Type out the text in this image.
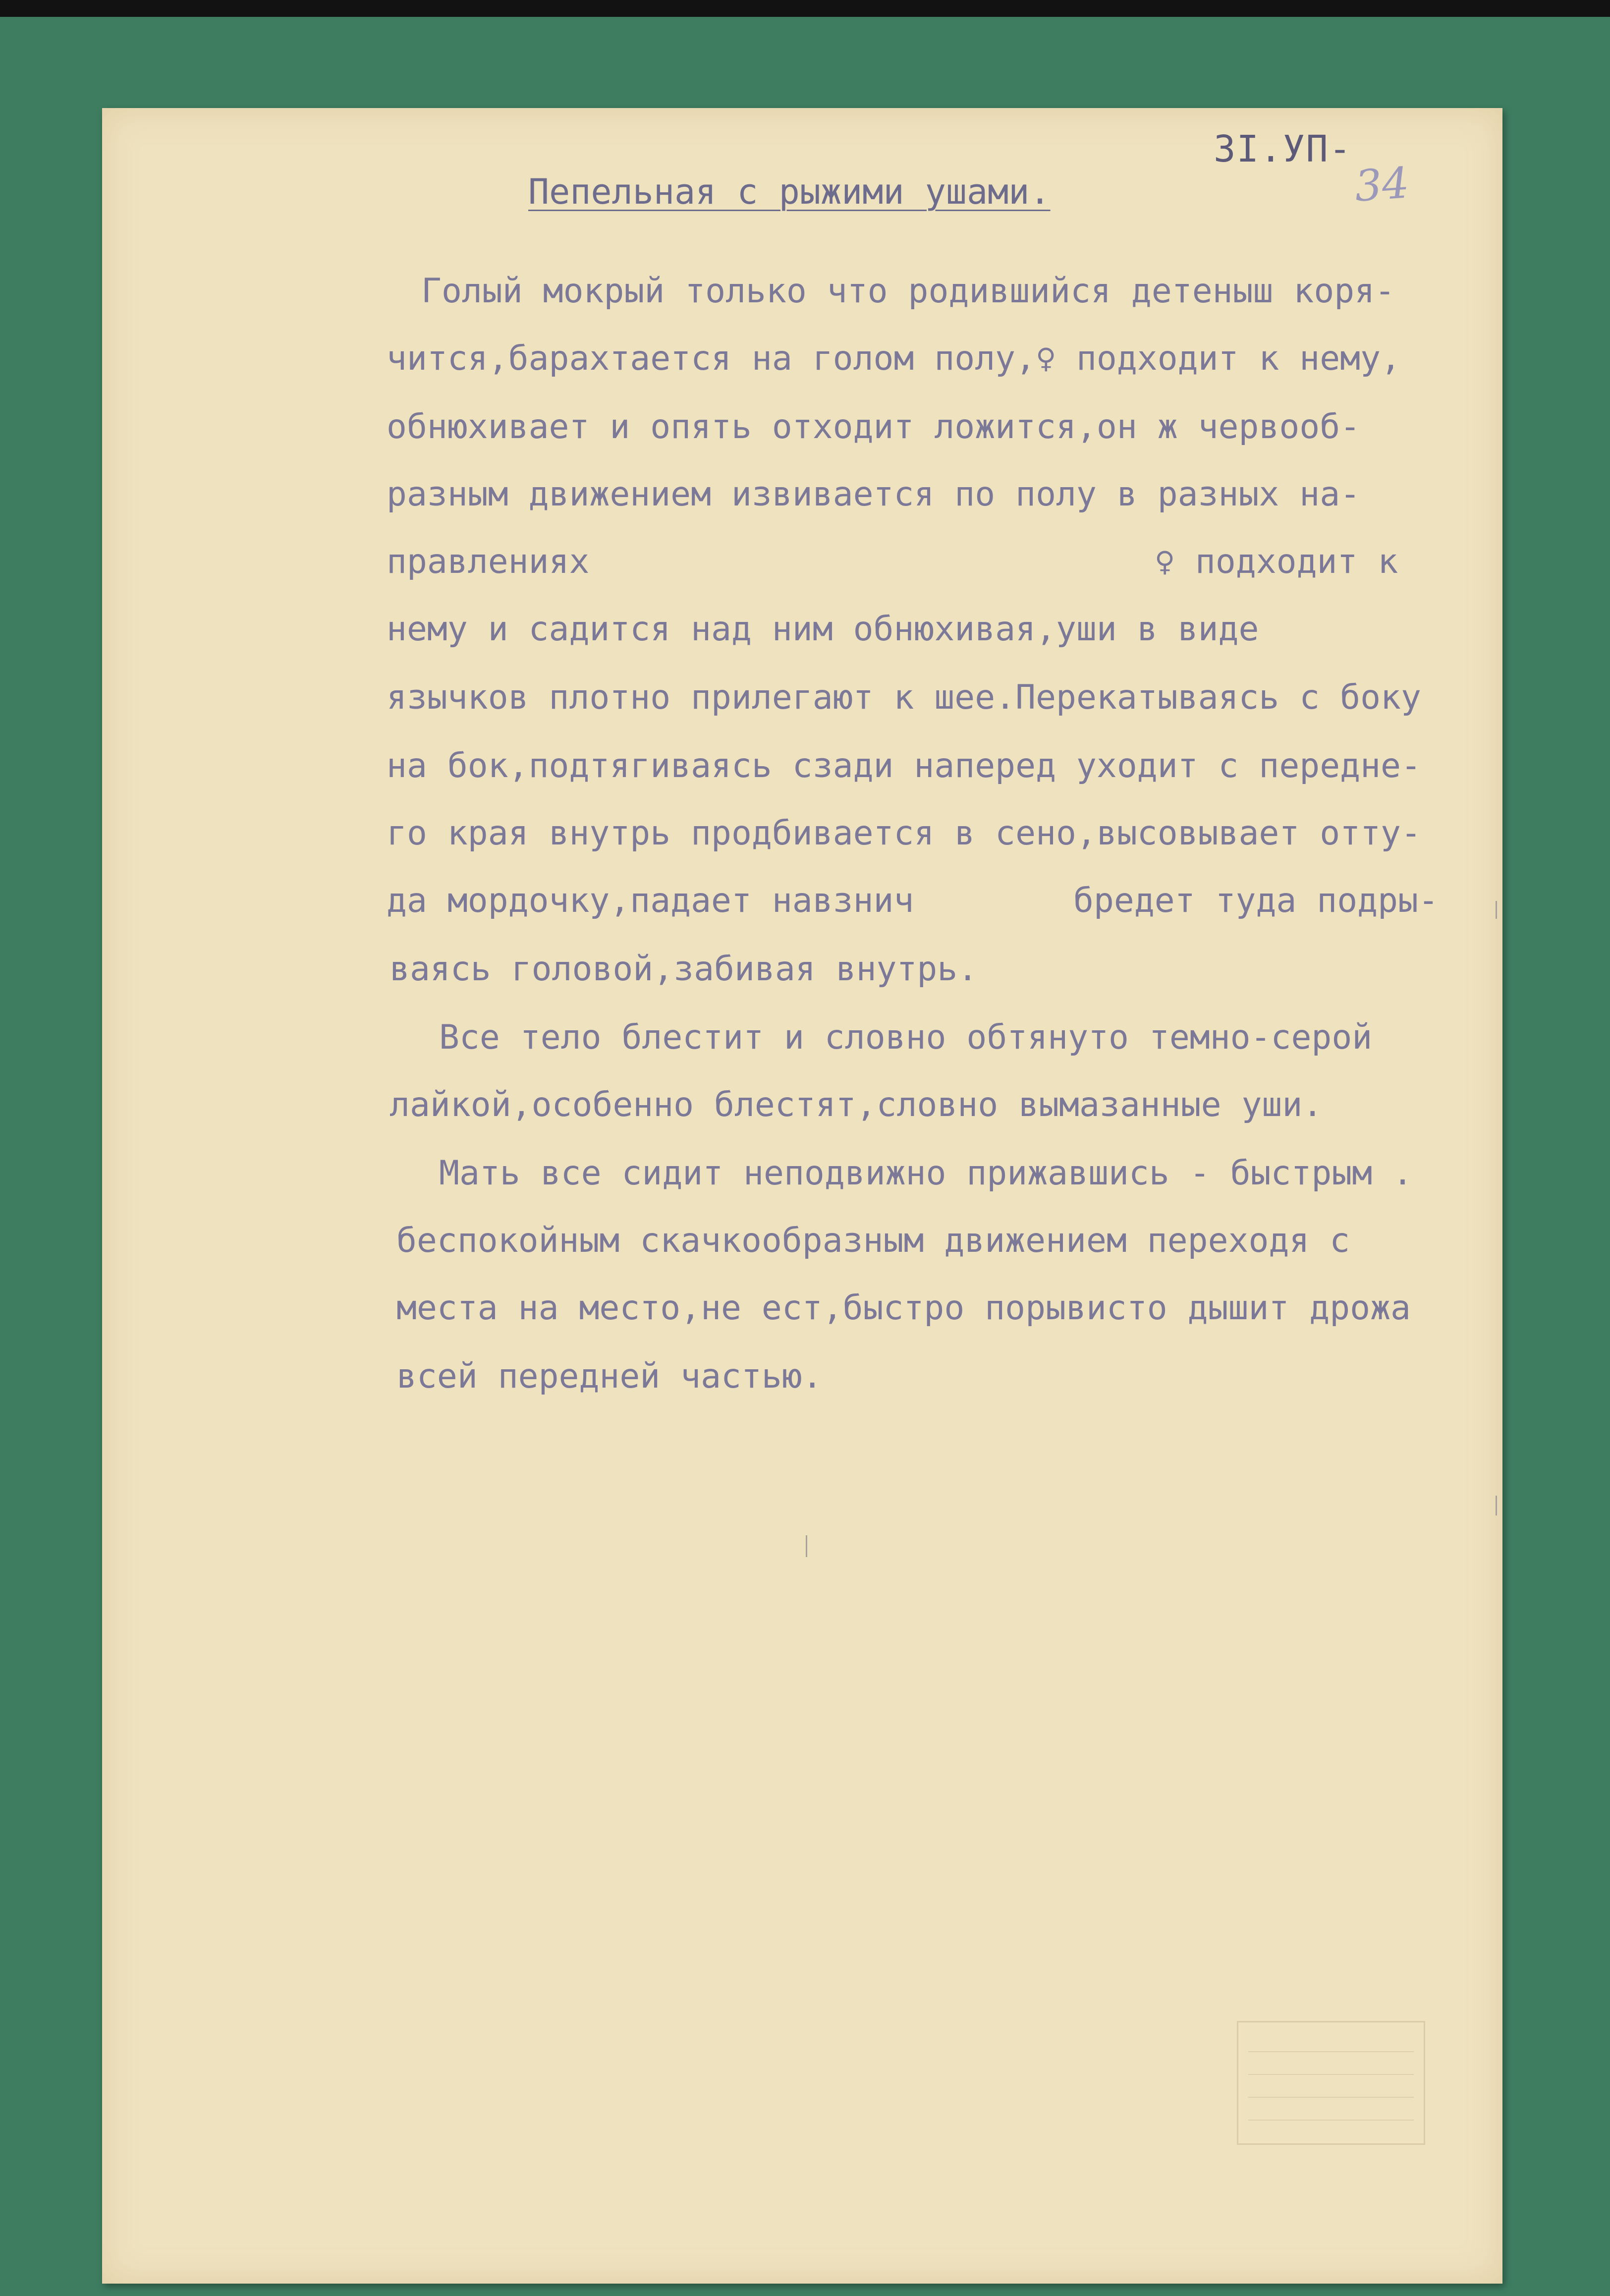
3I.УП-
34
Пепельная с рыжими ушами.
Голый мокрый только что родившийся детеныш коря-
чится,барахтается на голом полу,♀ подходит к нему,
обнюхивает и опять отходит ложится,он ж червооб-
разным движением извивается по полу в разных на-
правлениях	♀ подходит к
нему и садится над ним обнюхивая,уши в виде
язычков плотно прилегают к шее.Перекатываясь с боку
на бок,подтягиваясь сзади наперед уходит с передне-
го края внутрь продбивается в сено,высовывает отту-
да мордочку,падает навзнич	бредет туда подры-
ваясь головой,забивая внутрь.
Все тело блестит и словно обтянуто темно-серой
лайкой,особенно блестят,словно вымазанные уши.
Мать все сидит неподвижно прижавшись - быстрым .
беспокойным скачкообразным движением переходя с
места на место,не ест,быстро порывисто дышит дрожа
всей передней частью.
